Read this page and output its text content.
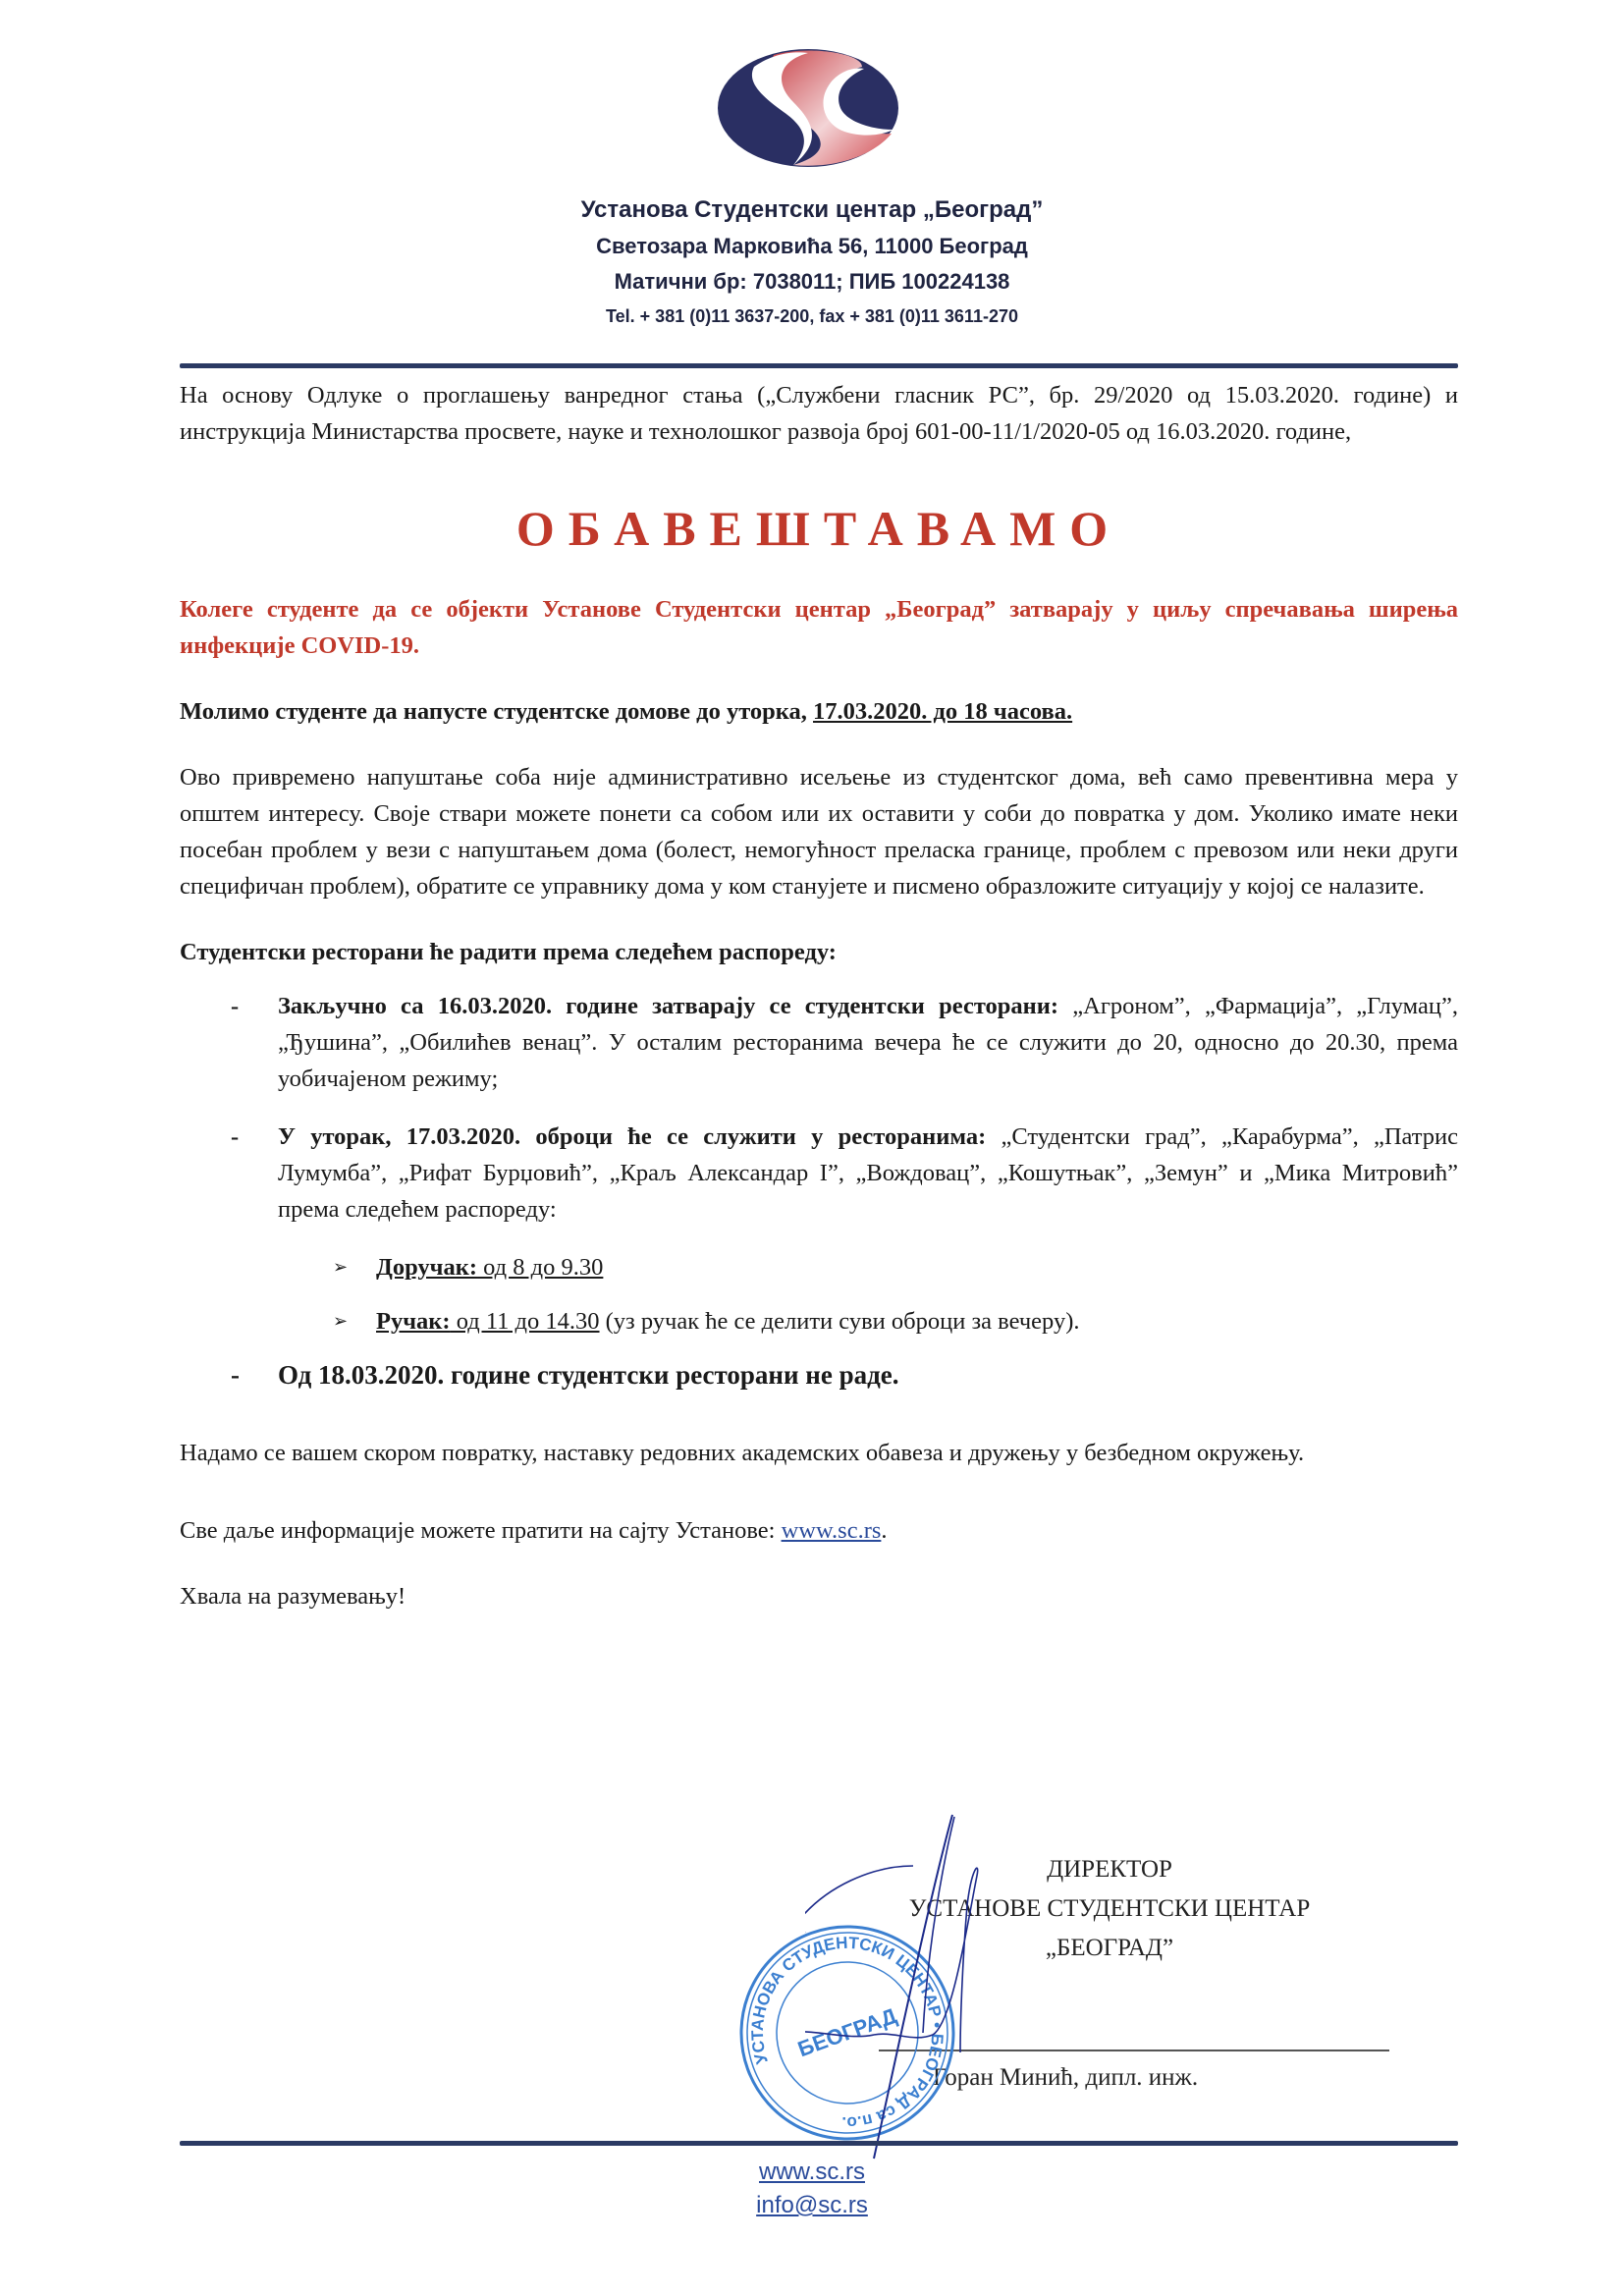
Установа Студентски центар „Београд”
Светозара Марковића 56, 11000 Београд
Матични бр: 7038011; ПИБ 100224138
Tel. + 381 (0)11 3637-200, fax + 381 (0)11 3611-270

На основу Одлуке о проглашењу ванредног стања („Службени гласник РС”, бр. 29/2020 од 15.03.2020. године) и инструкција Министарства просвете, науке и технолошког развоја број 601-00-11/1/2020-05 од 16.03.2020. године,

ОБАВЕШТАВАМО

Колеге студенте да се објекти Установе Студентски центар „Београд” затварају у циљу спречавања ширења инфекције COVID-19.

Молимо студенте да напусте студентске домове до уторка, 17.03.2020. до 18 часова.

Ово привремено напуштање соба није административно исељење из студентског дома, већ само превентивна мера у општем интересу. Своје ствари можете понети са собом или их оставити у соби до повратка у дом. Уколико имате неки посебан проблем у вези с напуштањем дома (болест, немогућност преласка границе, проблем с превозом или неки други специфичан проблем), обратите се управнику дома у ком станујете и писмено образложите ситуацију у којој се налазите.

Студентски ресторани ће радити према следећем распореду:

- Закључно са 16.03.2020. године затварају се студентски ресторани: „Агроном”, „Фармација”, „Глумац”, „Ђушина”, „Обилићев венац”. У осталим ресторанима вечера ће се служити до 20, односно до 20.30, према уобичајеном режиму;
- У уторак, 17.03.2020. оброци ће се служити у ресторанима: „Студентски град”, „Карабурма”, „Патрис Лумумба”, „Рифат Бурџовић”, „Краљ Александар I”, „Вождовац”, „Кошутњак”, „Земун” и „Мика Митровић” према следећем распореду:
➢ Доручак: од 8 до 9.30
➢ Ручак: од 11 до 14.30 (уз ручак ће се делити суви оброци за вечеру).
- Од 18.03.2020. године студентски ресторани не раде.

Надамо се вашем скором повратку, наставку редовних академских обавеза и дружењу у безбедном окружењу.

Све даље информације можете пратити на сајту Установе: www.sc.rs.

Хвала на разумевању!

ДИРЕКТОР
УСТАНОВЕ СТУДЕНТСКИ ЦЕНТАР
„БЕОГРАД”
Горан Минић, дипл. инж.
УСТАНОВА СТУДЕНТСКИ ЦЕНТАР • БЕОГРАД са п.о.
БЕОГРАД
www.sc.rs
info@sc.rs
